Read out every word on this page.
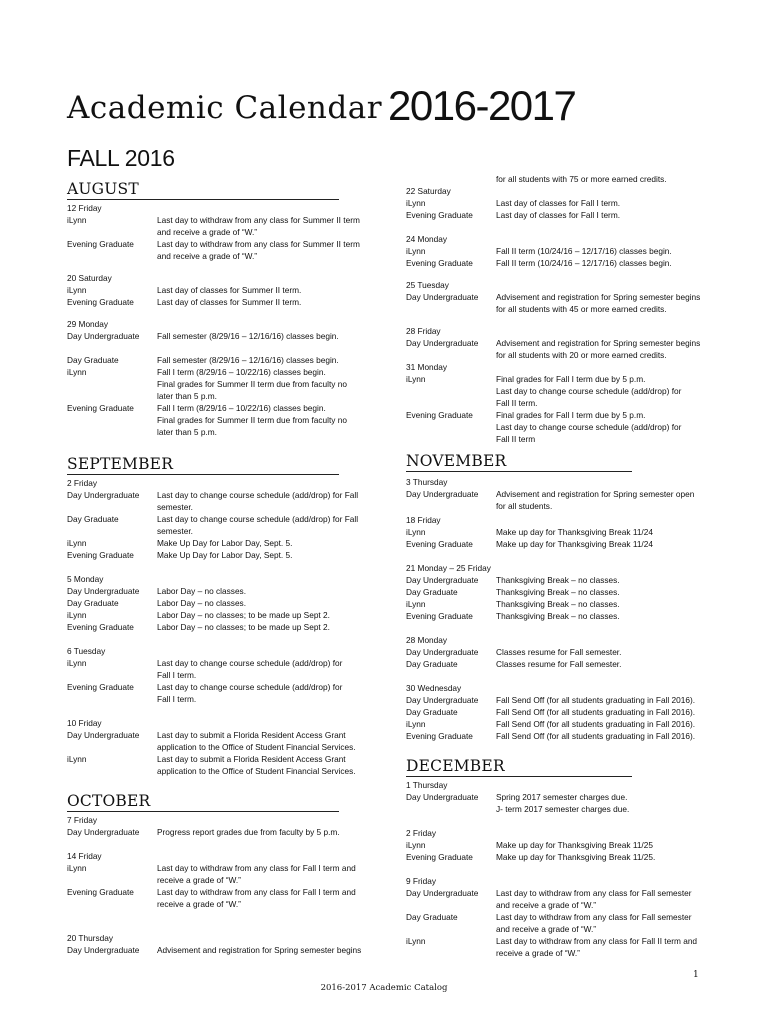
Academic Calendar 2016-2017
FALL 2016
AUGUST
12 Friday
iLynn	Last day to withdraw from any class for Summer II term
and receive a grade of “W.”
Evening Graduate	Last day to withdraw from any class for Summer II term
and receive a grade of “W.”
20 Saturday
iLynn	Last day of classes for Summer II term.
Evening Graduate	Last day of classes for Summer II term.
29 Monday
Day Undergraduate	Fall semester (8/29/16 – 12/16/16) classes begin.

Day Graduate	Fall semester (8/29/16 – 12/16/16) classes begin.
iLynn	Fall I term (8/29/16 – 10/22/16) classes begin.
Final grades for Summer II term due from faculty no
later than 5 p.m.
Evening Graduate	Fall I term (8/29/16 – 10/22/16) classes begin.
Final grades for Summer II term due from faculty no
later than 5 p.m.
SEPTEMBER
2 Friday
Day Undergraduate	Last day to change course schedule (add/drop) for Fall
semester.
Day Graduate	Last day to change course schedule (add/drop) for Fall
semester.
iLynn	Make Up Day for Labor Day, Sept. 5.
Evening Graduate	Make Up Day for Labor Day, Sept. 5.
5 Monday
Day Undergraduate	Labor Day – no classes.
Day Graduate	Labor Day – no classes.
iLynn	Labor Day – no classes; to be made up Sept 2.
Evening Graduate	Labor Day – no classes; to be made up Sept 2.
6 Tuesday
iLynn	Last day to change course schedule (add/drop) for
Fall I term.
Evening Graduate	Last day to change course schedule (add/drop) for
Fall I term.
10 Friday
Day Undergraduate	Last day to submit a Florida Resident Access Grant
application to the Office of Student Financial Services.
iLynn	Last day to submit a Florida Resident Access Grant
application to the Office of Student Financial Services.
OCTOBER
7 Friday
Day Undergraduate	Progress report grades due from faculty by 5 p.m.
14 Friday
iLynn	Last day to withdraw from any class for Fall I term and
receive a grade of “W.”
Evening Graduate	Last day to withdraw from any class for Fall I term and
receive a grade of “W.”
20 Thursday
Day Undergraduate	Advisement and registration for Spring semester begins

for all students with 75 or more earned credits.
22 Saturday
iLynn	Last day of classes for Fall I term.
Evening Graduate	Last day of classes for Fall I term.
24 Monday
iLynn	Fall II term (10/24/16 – 12/17/16) classes begin.
Evening Graduate	Fall II term (10/24/16 – 12/17/16) classes begin.
25 Tuesday
Day Undergraduate	Advisement and registration for Spring semester begins
for all students with 45 or more earned credits.
28 Friday
Day Undergraduate	Advisement and registration for Spring semester begins
for all students with 20 or more earned credits.
31 Monday
iLynn	Final grades for Fall I term due by 5 p.m.
Last day to change course schedule (add/drop) for
Fall II term.
Evening Graduate	Final grades for Fall I term due by 5 p.m.
Last day to change course schedule (add/drop) for
Fall II term
NOVEMBER
3 Thursday
Day Undergraduate	Advisement and registration for Spring semester open
for all students.
18 Friday
iLynn	Make up day for Thanksgiving Break 11/24
Evening Graduate	Make up day for Thanksgiving Break 11/24
21 Monday – 25 Friday
Day Undergraduate	Thanksgiving Break – no classes.
Day Graduate	Thanksgiving Break – no classes.
iLynn	Thanksgiving Break – no classes.
Evening Graduate	Thanksgiving Break – no classes.
28 Monday
Day Undergraduate	Classes resume for Fall semester.
Day Graduate	Classes resume for Fall semester.
30 Wednesday
Day Undergraduate	Fall Send Off (for all students graduating in Fall 2016).
Day Graduate	Fall Send Off (for all students graduating in Fall 2016).
iLynn	Fall Send Off (for all students graduating in Fall 2016).
Evening Graduate	Fall Send Off (for all students graduating in Fall 2016).
DECEMBER
1 Thursday
Day Undergraduate	Spring 2017 semester charges due.
J- term 2017 semester charges due.
2 Friday
iLynn	Make up day for Thanksgiving Break 11/25
Evening Graduate	Make up day for Thanksgiving Break 11/25.
9 Friday
Day Undergraduate	Last day to withdraw from any class for Fall semester
and receive a grade of “W.”
Day Graduate	Last day to withdraw from any class for Fall semester
and receive a grade of “W.”
iLynn	Last day to withdraw from any class for Fall II term and
receive a grade of “W.”
1
2016-2017 Academic Catalog
